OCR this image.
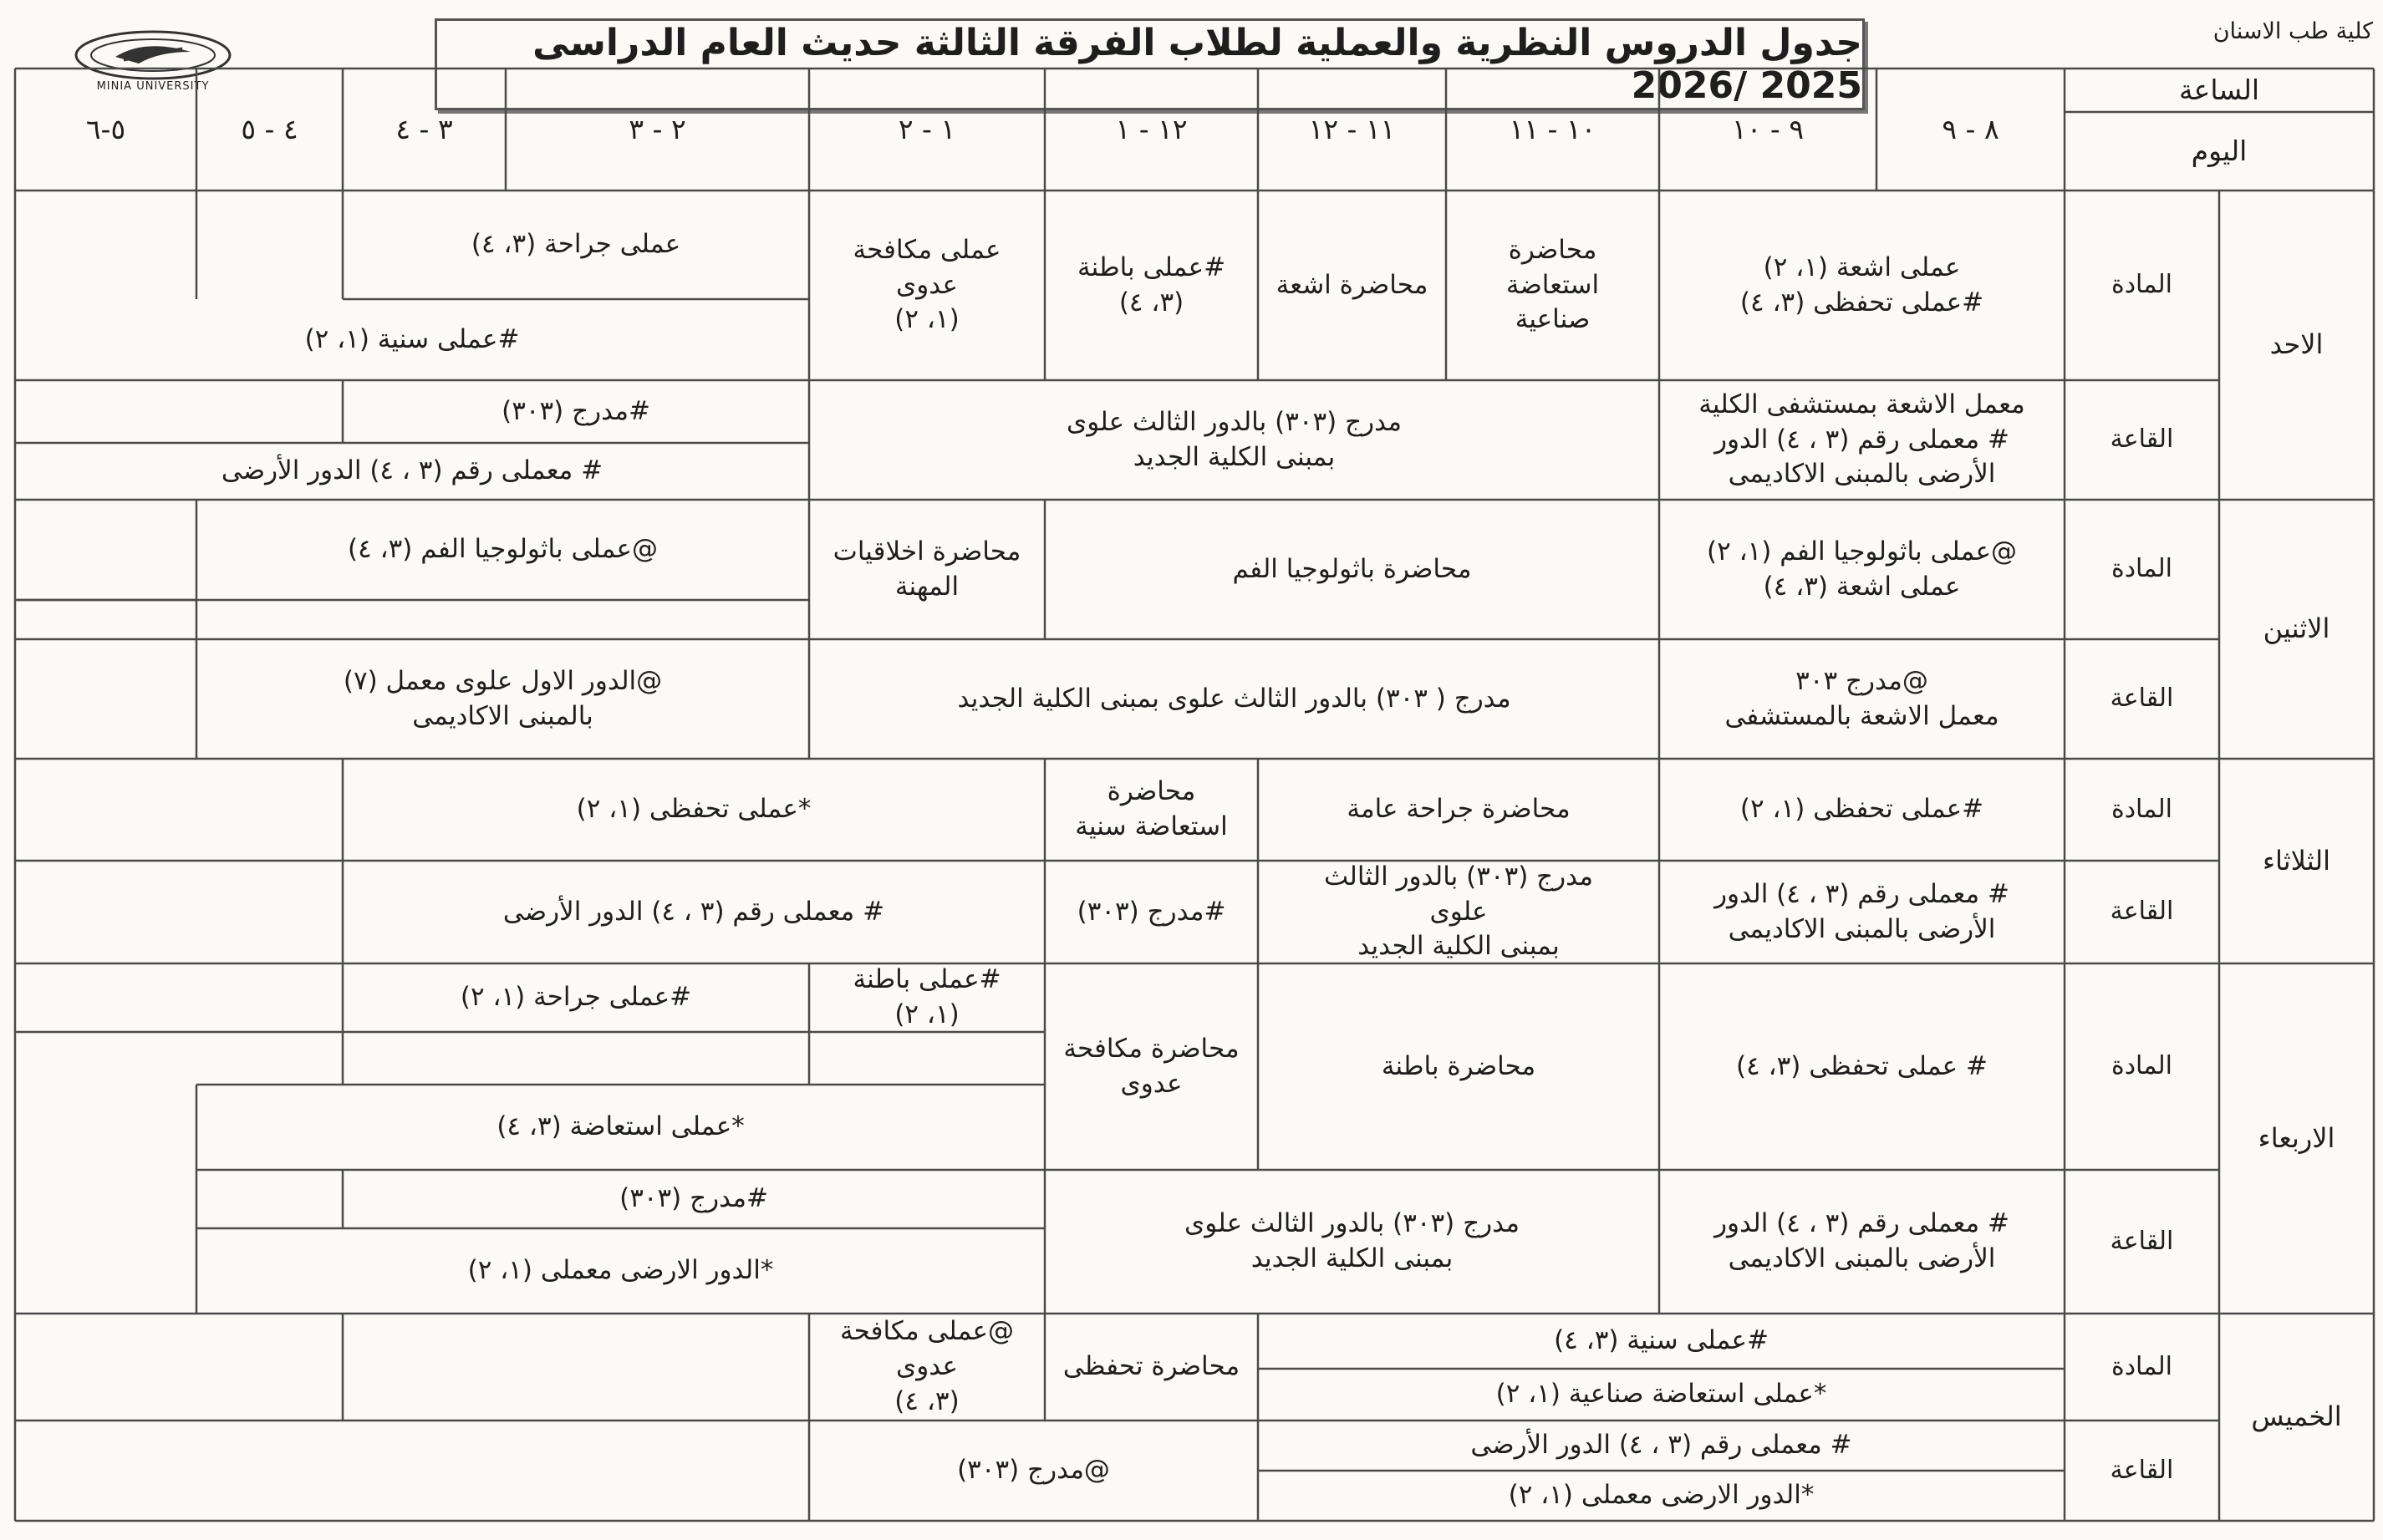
كلية طب الاسنان
MINIA UNIVERSITY
جدول الدروس النظرية والعملية لطلاب الفرقة الثالثة حديث العام الدراسى 2025 /2026	الساعة
اليوم
٨ - ٩
٩ - ١٠
١٠ - ١١
١١ - ١٢
١٢ - ١
١ - ٢
٢ - ٣
٣ - ٤
٤ - ٥
٥-٦
الاحد
الاثنين
الثلاثاء
الاربعاء
الخميس
المادة
القاعة
المادة
القاعة
المادة
القاعة
المادة
القاعة
المادة
القاعة
عملى اشعة (١، ٢)
#عملى تحفظى (٣، ٤)
محاضرة
استعاضة
صناعية
محاضرة اشعة
#عملى باطنة
(٣، ٤)
عملى مكافحة
عدوى
(١، ٢)
عملى جراحة (٣، ٤)
#عملى سنية (١، ٢)
معمل الاشعة بمستشفى الكلية
# معملى رقم (٣ ، ٤) الدور
الأرضى بالمبنى الاكاديمى
مدرج (٣٠٣) بالدور الثالث علوى
بمبنى الكلية الجديد
#مدرج (٣٠٣)
# معملى رقم (٣ ، ٤) الدور الأرضى
@عملى باثولوجيا الفم (١، ٢)
عملى اشعة (٣، ٤)
محاضرة باثولوجيا الفم
محاضرة اخلاقيات
المهنة
@عملى باثولوجيا الفم (٣، ٤)
@مدرج ٣٠٣
معمل الاشعة بالمستشفى
مدرج ( ٣٠٣) بالدور الثالث علوى بمبنى الكلية الجديد
@الدور الاول علوى معمل (٧)
بالمبنى الاكاديمى
#عملى تحفظى (١، ٢)
محاضرة جراحة عامة
محاضرة
استعاضة سنية
*عملى تحفظى (١، ٢)
# معملى رقم (٣ ، ٤) الدور
الأرضى بالمبنى الاكاديمى
مدرج (٣٠٣) بالدور الثالث
علوى
بمبنى الكلية الجديد
#مدرج (٣٠٣)
# معملى رقم (٣ ، ٤) الدور الأرضى
# عملى تحفظى (٣، ٤)
محاضرة باطنة
محاضرة مكافحة
عدوى
#عملى باطنة
(١، ٢)
#عملى جراحة (١، ٢)
*عملى استعاضة (٣، ٤)
# معملى رقم (٣ ، ٤) الدور
الأرضى بالمبنى الاكاديمى
مدرج (٣٠٣) بالدور الثالث علوى
بمبنى الكلية الجديد
#مدرج (٣٠٣)
*الدور الارضى معملى (١، ٢)
#عملى سنية (٣، ٤)
*عملى استعاضة صناعية (١، ٢)
محاضرة تحفظى
@عملى مكافحة
عدوى
(٣، ٤)
# معملى رقم (٣ ، ٤) الدور الأرضى
*الدور الارضى معملى (١، ٢)
@مدرج (٣٠٣)
